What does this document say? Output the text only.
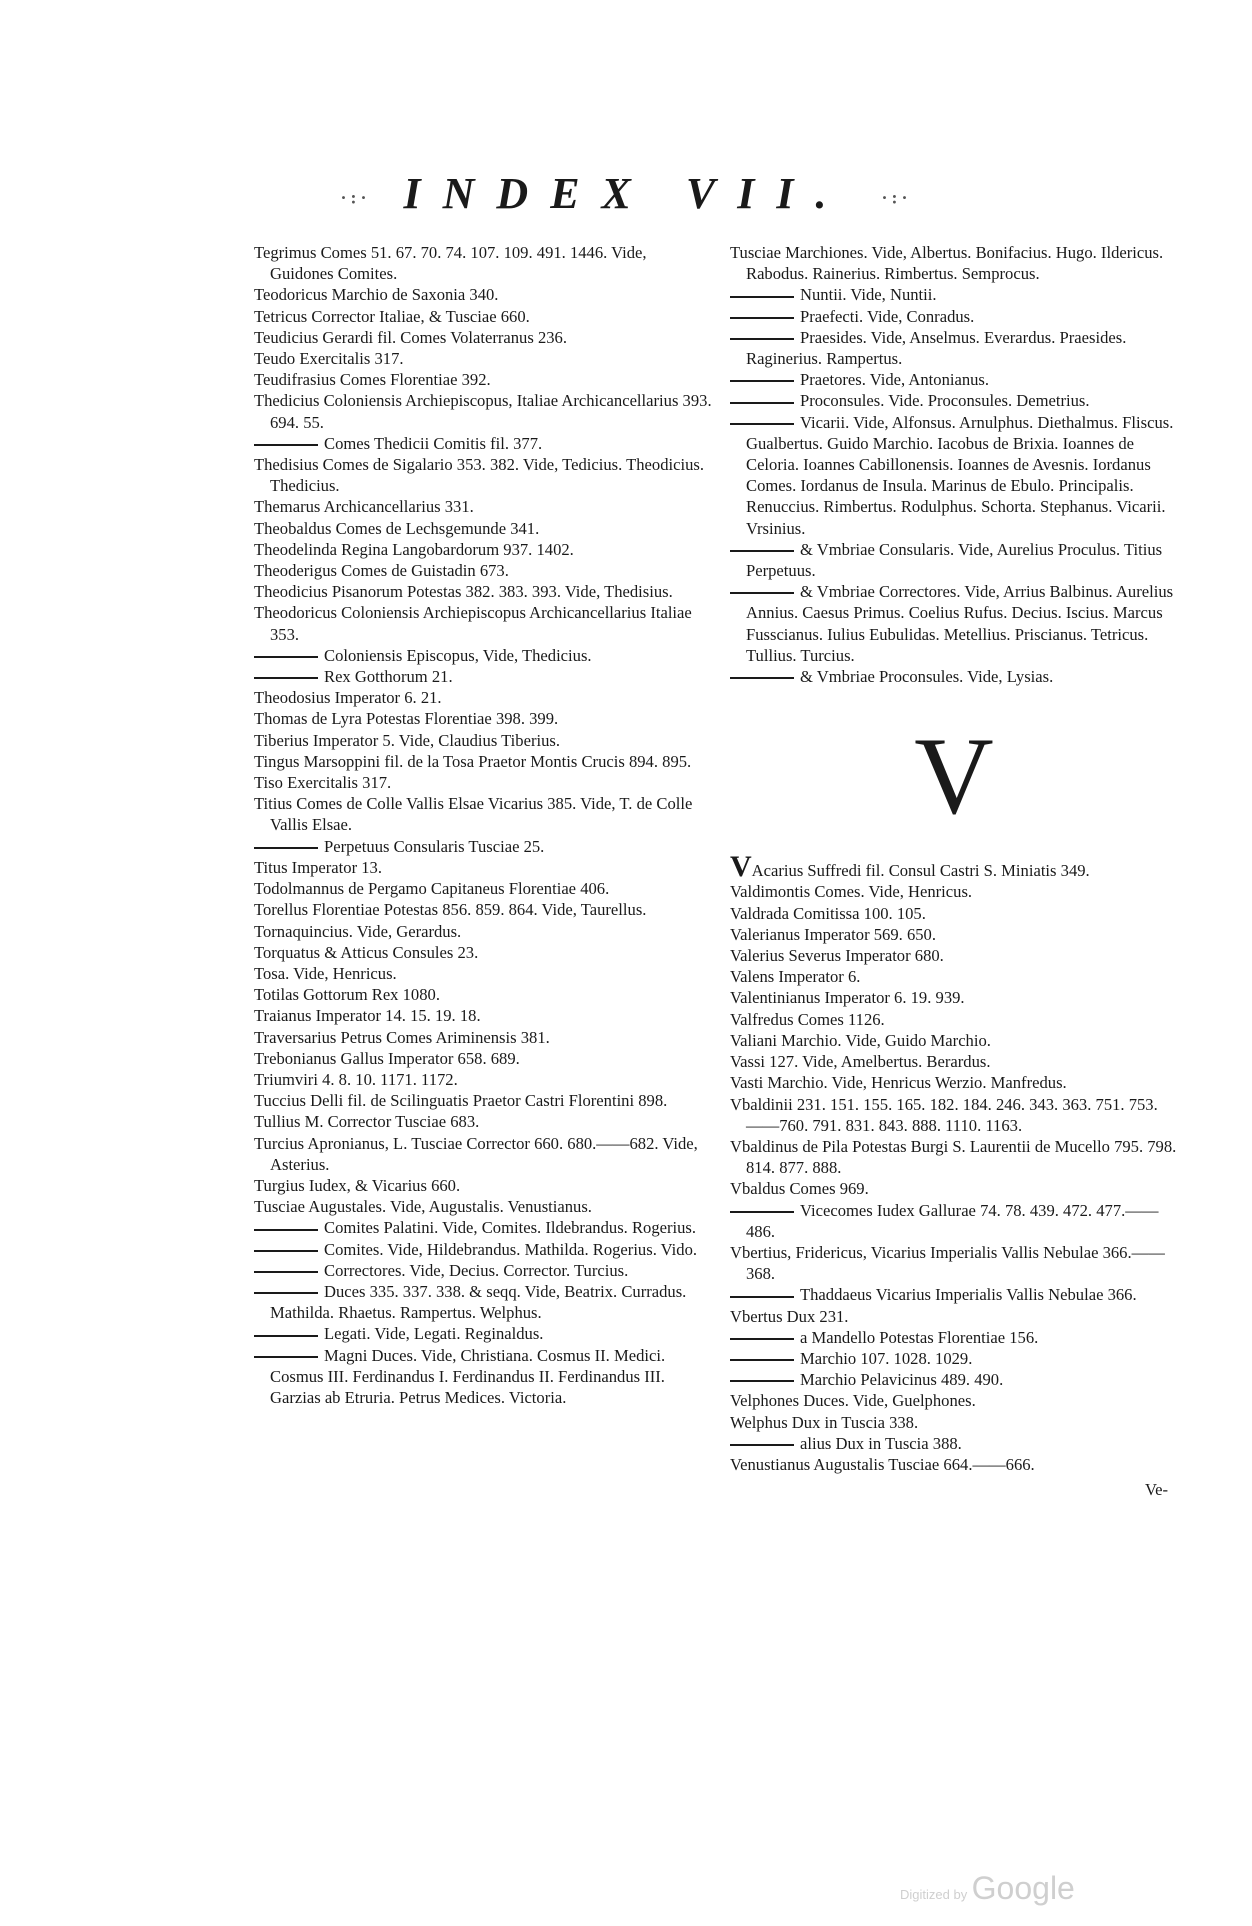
·:· INDEX VII. ·:·

Tegrimus Comes 51. 67. 70. 74. 107. 109. 491. 1446. Vide, Guidones Comites.

Teodoricus Marchio de Saxonia 340.

Tetricus Corrector Italiae, & Tusciae 660.

Teudicius Gerardi fil. Comes Volaterranus 236.

Teudo Exercitalis 317.

Teudifrasius Comes Florentiae 392.

Thedicius Coloniensis Archiepiscopus, Italiae Archicancellarius 393. 694. 55.

Comes Thedicii Comitis fil. 377.

Thedisius Comes de Sigalario 353. 382. Vide, Tedicius. Theodicius. Thedicius.

Themarus Archicancellarius 331.

Theobaldus Comes de Lechsgemunde 341.

Theodelinda Regina Langobardorum 937. 1402.

Theoderigus Comes de Guistadin 673.

Theodicius Pisanorum Potestas 382. 383. 393. Vide, Thedisius.

Theodoricus Coloniensis Archiepiscopus Archicancellarius Italiae 353.

Coloniensis Episcopus, Vide, Thedicius.

Rex Gotthorum 21.

Theodosius Imperator 6. 21.

Thomas de Lyra Potestas Florentiae 398. 399.

Tiberius Imperator 5. Vide, Claudius Tiberius.

Tingus Marsoppini fil. de la Tosa Praetor Montis Crucis 894. 895.

Tiso Exercitalis 317.

Titius Comes de Colle Vallis Elsae Vicarius 385. Vide, T. de Colle Vallis Elsae.

Perpetuus Consularis Tusciae 25.

Titus Imperator 13.

Todolmannus de Pergamo Capitaneus Florentiae 406.

Torellus Florentiae Potestas 856. 859. 864. Vide, Taurellus.

Tornaquincius. Vide, Gerardus.

Torquatus & Atticus Consules 23.

Tosa. Vide, Henricus.

Totilas Gottorum Rex 1080.

Traianus Imperator 14. 15. 19. 18.

Traversarius Petrus Comes Ariminensis 381.

Trebonianus Gallus Imperator 658. 689.

Triumviri 4. 8. 10. 1171. 1172.

Tuccius Delli fil. de Scilinguatis Praetor Castri Florentini 898.

Tullius M. Corrector Tusciae 683.

Turcius Apronianus, L. Tusciae Corrector 660. 680.——682. Vide, Asterius.

Turgius Iudex, & Vicarius 660.

Tusciae Augustales. Vide, Augustalis. Venustianus.

Comites Palatini. Vide, Comites. Ildebrandus. Rogerius.

Comites. Vide, Hildebrandus. Mathilda. Rogerius. Vido.

Correctores. Vide, Decius. Corrector. Turcius.

Duces 335. 337. 338. & seqq. Vide, Beatrix. Curradus. Mathilda. Rhaetus. Rampertus. Welphus.

Legati. Vide, Legati. Reginaldus.

Magni Duces. Vide, Christiana. Cosmus II. Medici. Cosmus III. Ferdinandus I. Ferdinandus II. Ferdinandus III. Garzias ab Etruria. Petrus Medices. Victoria.

Tusciae Marchiones. Vide, Albertus. Bonifacius. Hugo. Ildericus. Rabodus. Rainerius. Rimbertus. Semprocus.

Nuntii. Vide, Nuntii.

Praefecti. Vide, Conradus.

Praesides. Vide, Anselmus. Everardus. Praesides. Raginerius. Rampertus.

Praetores. Vide, Antonianus.

Proconsules. Vide. Proconsules. Demetrius.

Vicarii. Vide, Alfonsus. Arnulphus. Diethalmus. Fliscus. Gualbertus. Guido Marchio. Iacobus de Brixia. Ioannes de Celoria. Ioannes Cabillonensis. Ioannes de Avesnis. Iordanus Comes. Iordanus de Insula. Marinus de Ebulo. Principalis. Renuccius. Rimbertus. Rodulphus. Schorta. Stephanus. Vicarii. Vrsinius.

& Vmbriae Consularis. Vide, Aurelius Proculus. Titius Perpetuus.

& Vmbriae Correctores. Vide, Arrius Balbinus. Aurelius Annius. Caesus Primus. Coelius Rufus. Decius. Iscius. Marcus Fusscianus. Iulius Eubulidas. Metellius. Priscianus. Tetricus. Tullius. Turcius.

& Vmbriae Proconsules. Vide, Lysias.

V

VAcarius Suffredi fil. Consul Castri S. Miniatis 349.

Valdimontis Comes. Vide, Henricus.

Valdrada Comitissa 100. 105.

Valerianus Imperator 569. 650.

Valerius Severus Imperator 680.

Valens Imperator 6.

Valentinianus Imperator 6. 19. 939.

Valfredus Comes 1126.

Valiani Marchio. Vide, Guido Marchio.

Vassi 127. Vide, Amelbertus. Berardus.

Vasti Marchio. Vide, Henricus Werzio. Manfredus.

Vbaldinii 231. 151. 155. 165. 182. 184. 246. 343. 363. 751. 753.——760. 791. 831. 843. 888. 1110. 1163.

Vbaldinus de Pila Potestas Burgi S. Laurentii de Mucello 795. 798. 814. 877. 888.

Vbaldus Comes 969.

Vicecomes Iudex Gallurae 74. 78. 439. 472. 477.——486.

Vbertius, Fridericus, Vicarius Imperialis Vallis Nebulae 366.——368.

Thaddaeus Vicarius Imperialis Vallis Nebulae 366.

Vbertus Dux 231.

a Mandello Potestas Florentiae 156.

Marchio 107. 1028. 1029.

Marchio Pelavicinus 489. 490.

Velphones Duces. Vide, Guelphones.

Welphus Dux in Tuscia 338.

alius Dux in Tuscia 388.

Venustianus Augustalis Tusciae 664.——666.

Ve-
Digitized by Google
